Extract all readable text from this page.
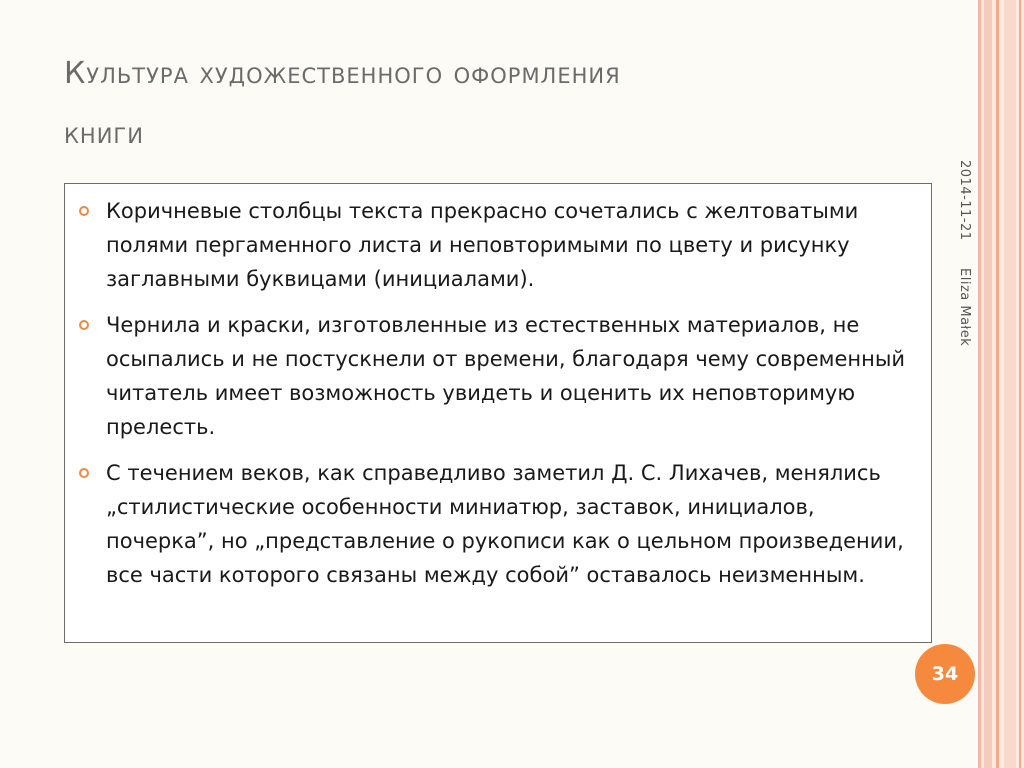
Культура художественного оформления
книги
Коричневые столбцы текста прекрасно сочетались с желтоватыми полями пергаменного листа и неповторимыми по цвету и рисунку заглавными буквицами (инициалами).
Чернила и краски, изготовленные из естественных материалов, не осыпались и не постускнели от времени, благодаря чему современный читатель имеет возможность увидеть и оценить их неповторимую прелесть.
С течением веков, как справедливо заметил Д. С. Лихачев, менялись „стилистические особенности миниатюр, заставок, инициалов, почерка”, но „представление о рукописи как о цельном произведении, все части которого связаны между собой” оставалось неизменным.
2014-11-21
Eliza Małek
34
